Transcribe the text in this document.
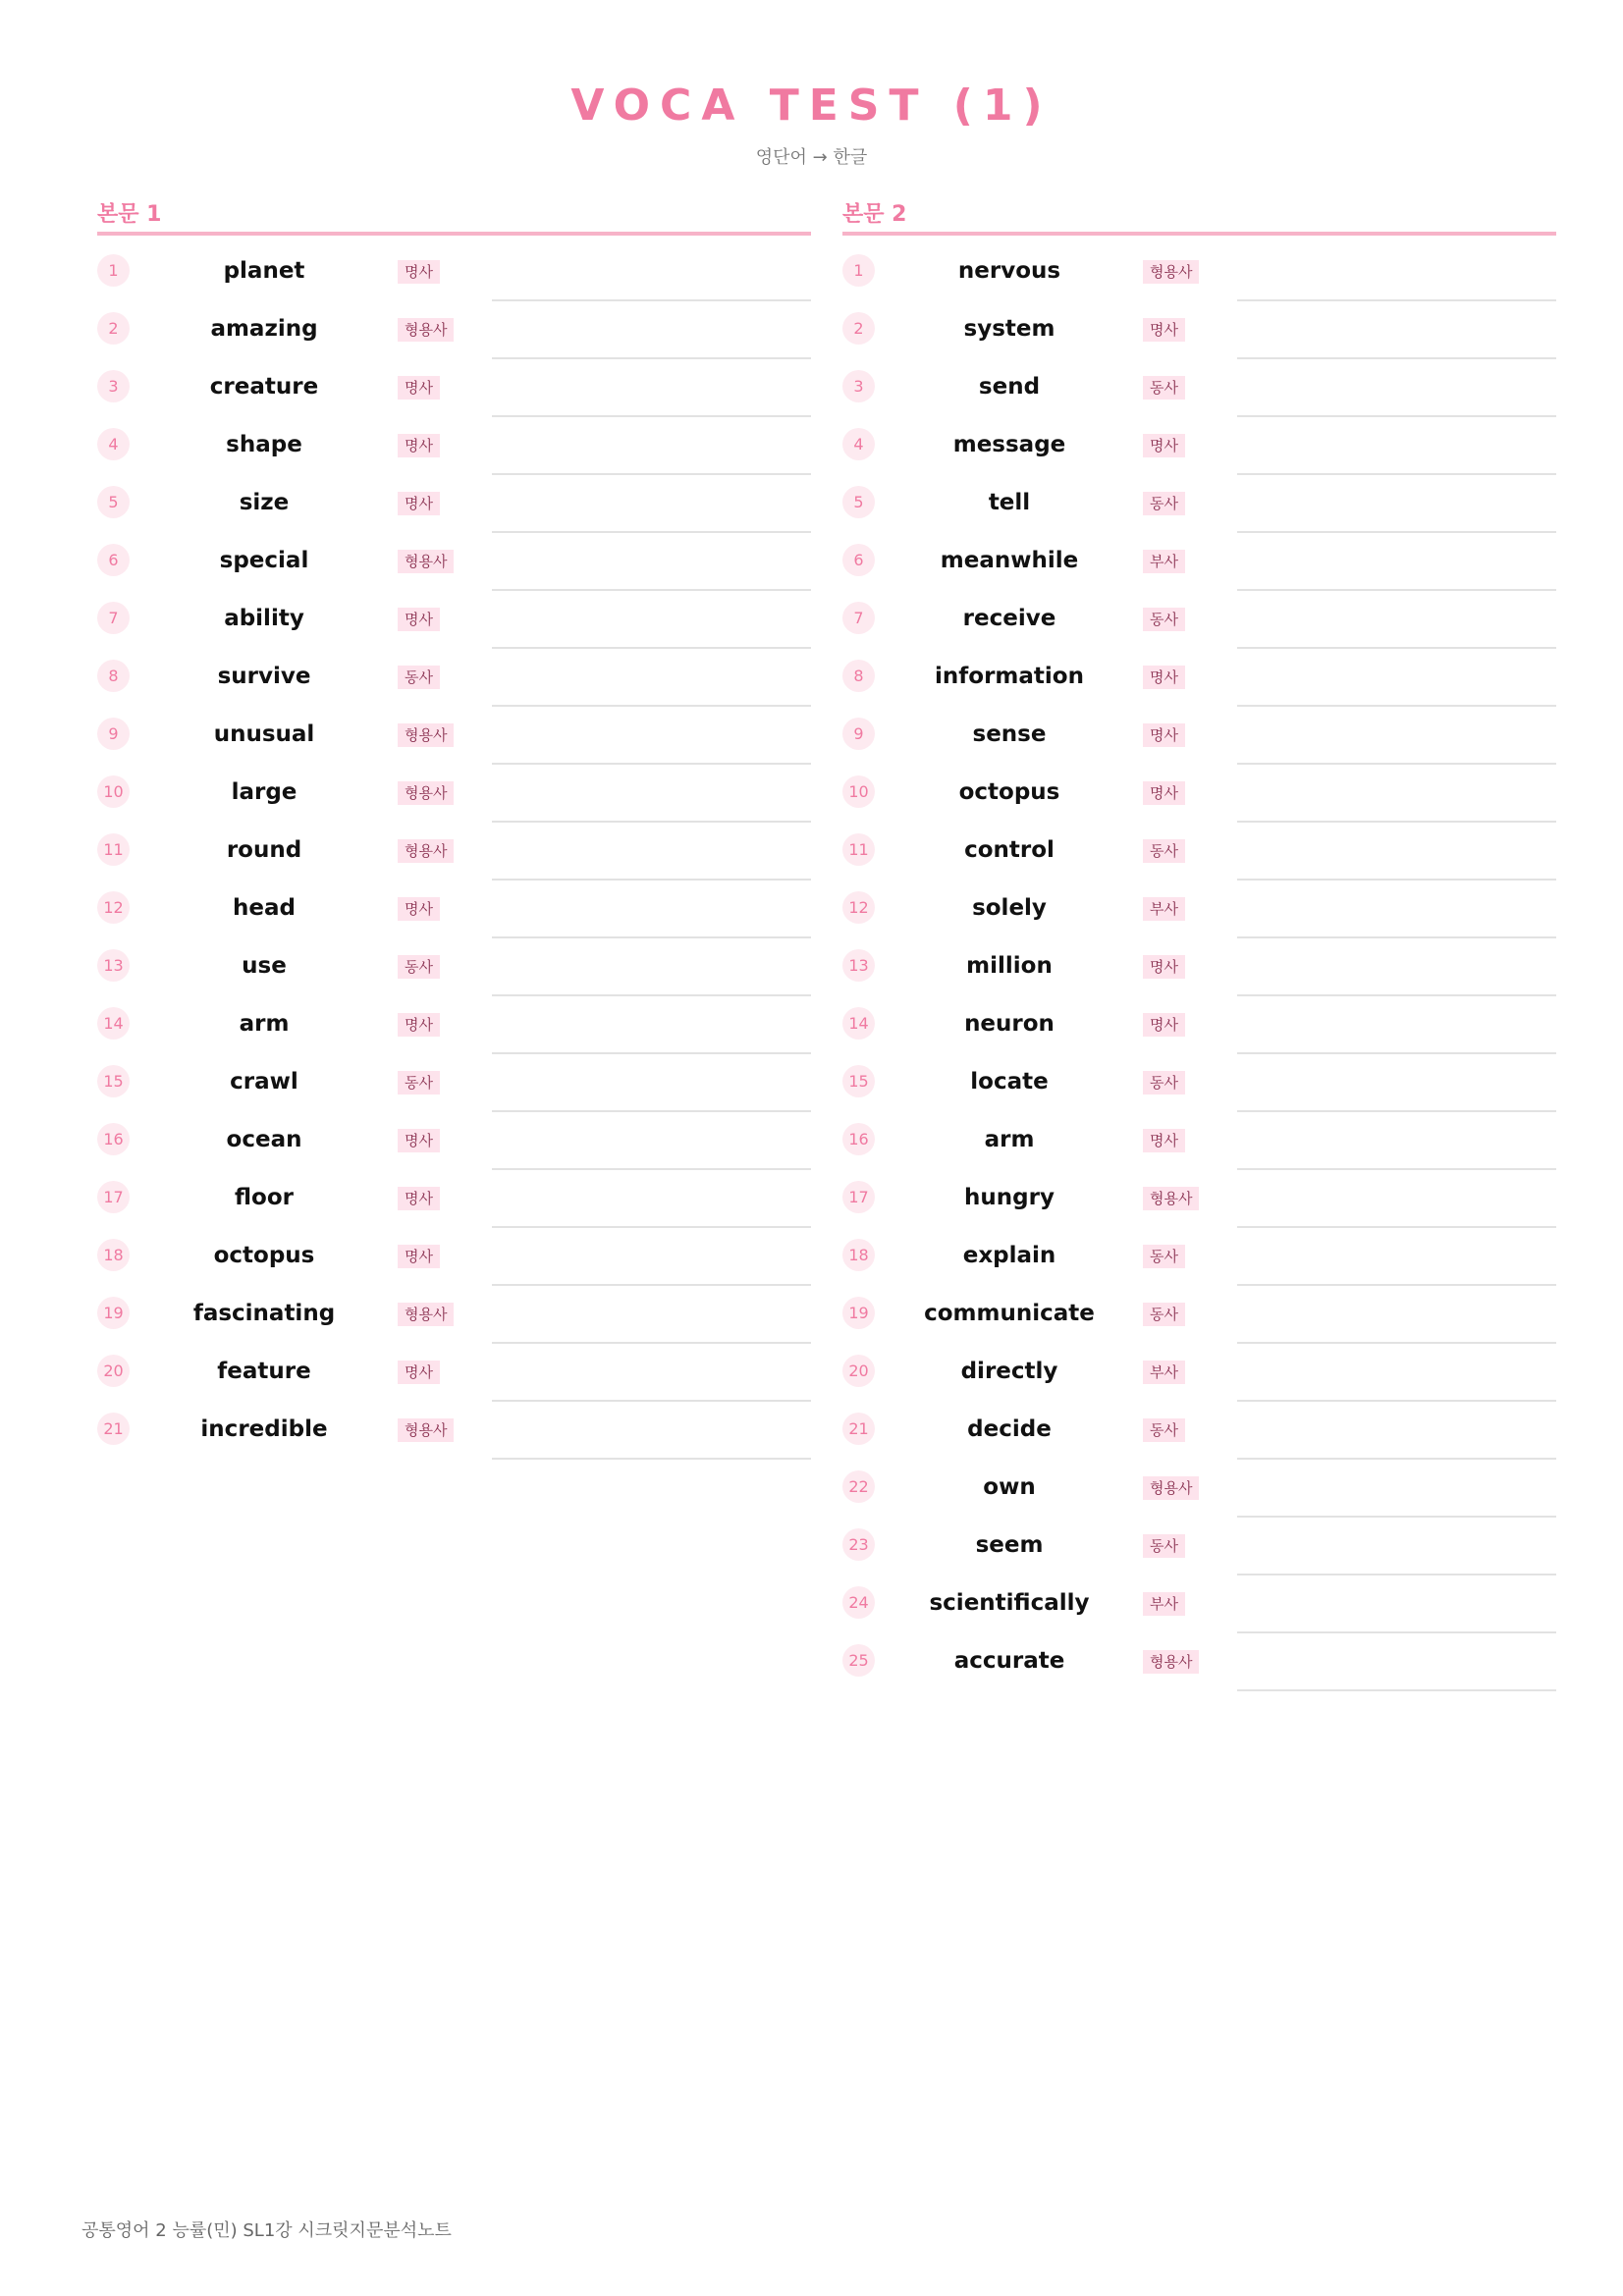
VOCA TEST (1)
영단어 → 한글
본문 1
1	planet	명사
2	amazing	형용사
3	creature	명사
4	shape	명사
5	size	명사
6	special	형용사
7	ability	명사
8	survive	동사
9	unusual	형용사
10	large	형용사
11	round	형용사
12	head	명사
13	use	동사
14	arm	명사
15	crawl	동사
16	ocean	명사
17	floor	명사
18	octopus	명사
19	fascinating	형용사
20	feature	명사
21	incredible	형용사
본문 2
1	nervous	형용사
2	system	명사
3	send	동사
4	message	명사
5	tell	동사
6	meanwhile	부사
7	receive	동사
8	information	명사
9	sense	명사
10	octopus	명사
11	control	동사
12	solely	부사
13	million	명사
14	neuron	명사
15	locate	동사
16	arm	명사
17	hungry	형용사
18	explain	동사
19	communicate	동사
20	directly	부사
21	decide	동사
22	own	형용사
23	seem	동사
24	scientifically	부사
25	accurate	형용사
공통영어 2 능률(민) SL1강 시크릿지문분석노트
